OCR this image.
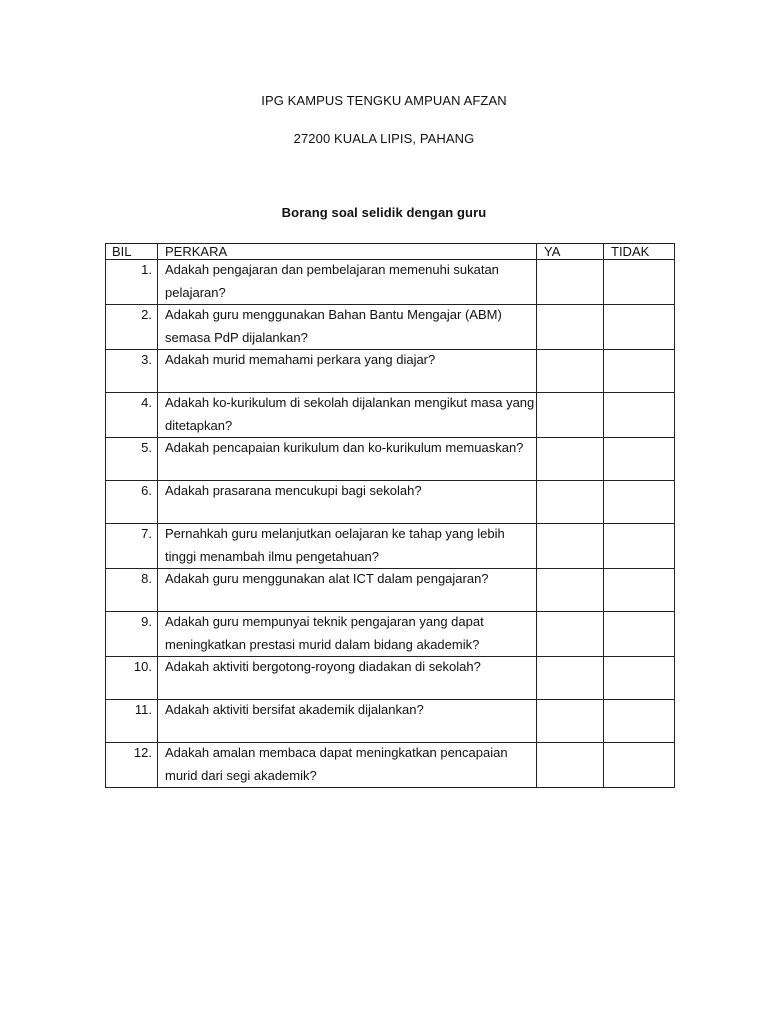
IPG KAMPUS TENGKU AMPUAN AFZAN
27200 KUALA LIPIS, PAHANG
Borang soal selidik dengan guru
BIL	PERKARA	YA	TIDAK
1.	Adakah pengajaran dan pembelajaran memenuhi sukatan pelajaran?		

2.	Adakah guru menggunakan Bahan Bantu Mengajar (ABM) semasa PdP dijalankan?		

3.	Adakah murid memahami perkara yang diajar?		

4.	Adakah ko-kurikulum di sekolah dijalankan mengikut masa yang ditetapkan?		

5.	Adakah pencapaian kurikulum dan ko-kurikulum memuaskan?		

6.	Adakah prasarana mencukupi bagi sekolah?		

7.	Pernahkah guru melanjutkan oelajaran ke tahap yang lebih tinggi menambah ilmu pengetahuan?		

8.	Adakah guru menggunakan alat ICT dalam pengajaran?		

9.	Adakah guru mempunyai teknik pengajaran yang dapat meningkatkan prestasi murid dalam bidang akademik?		

10.	Adakah aktiviti bergotong-royong diadakan di sekolah?		

11.	Adakah aktiviti bersifat akademik dijalankan?		

12.	Adakah amalan membaca dapat meningkatkan pencapaian murid dari segi akademik?		
